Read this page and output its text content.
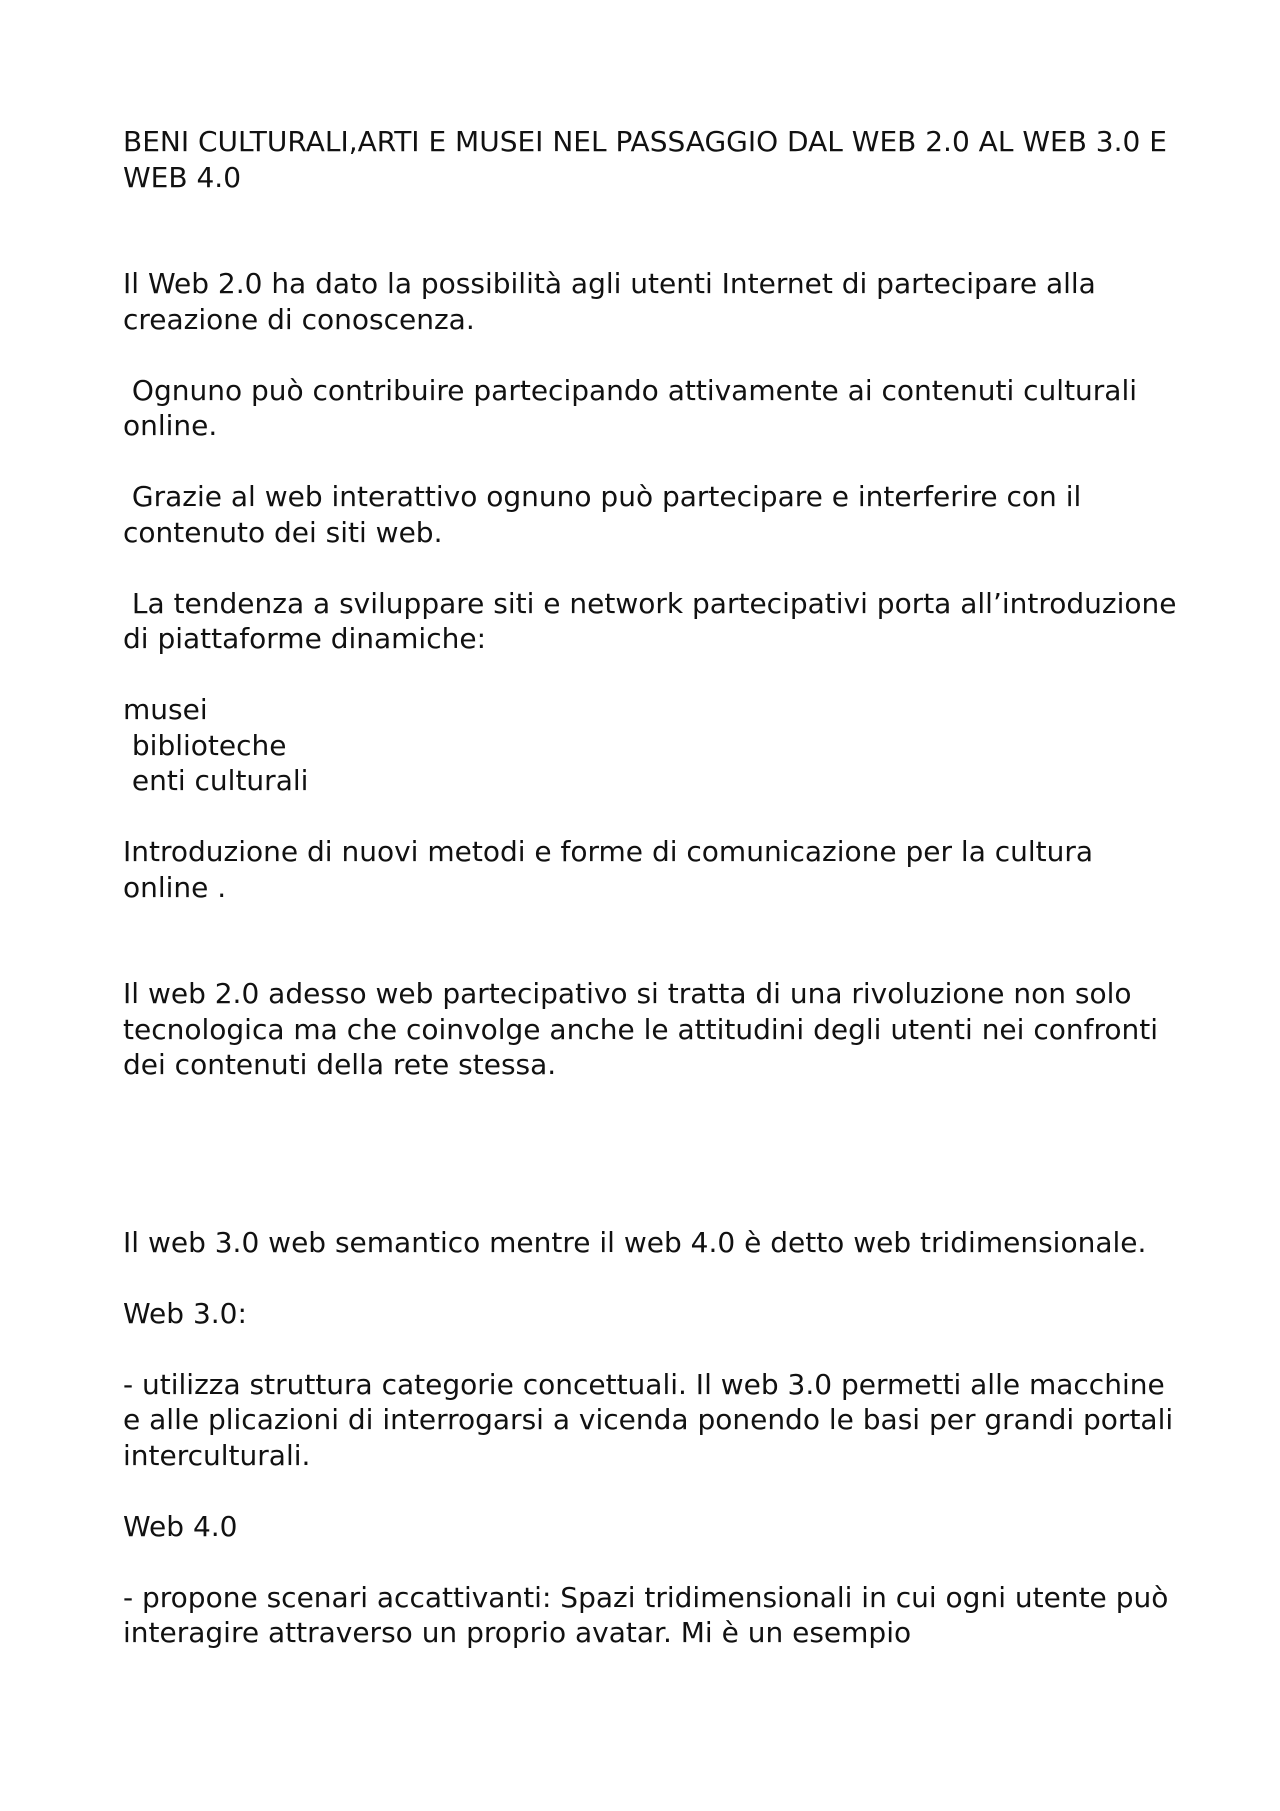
BENI CULTURALI,ARTI E MUSEI NEL PASSAGGIO DAL WEB 2.0 AL WEB 3.0 E WEB 4.0

Il Web 2.0 ha dato la possibilità agli utenti Internet di partecipare alla creazione di conoscenza.

Ognuno può contribuire partecipando attivamente ai contenuti culturali online.

Grazie al web interattivo ognuno può partecipare e interferire con il contenuto dei siti web.

La tendenza a sviluppare siti e network partecipativi porta all’introduzione di piattaforme dinamiche:

musei
biblioteche
enti culturali

Introduzione di nuovi metodi e forme di comunicazione per la cultura online .

Il web 2.0 adesso web partecipativo si tratta di una rivoluzione non solo tecnologica ma che coinvolge anche le attitudini degli utenti nei confronti dei contenuti della rete stessa.

Il web 3.0 web semantico mentre il web 4.0 è detto web tridimensionale.

Web 3.0:

- utilizza struttura categorie concettuali. Il web 3.0 permetti alle macchine e alle plicazioni di interrogarsi a vicenda ponendo le basi per grandi portali interculturali.

Web 4.0

- propone scenari accattivanti: Spazi tridimensionali in cui ogni utente può interagire attraverso un proprio avatar. Mi è un esempio
